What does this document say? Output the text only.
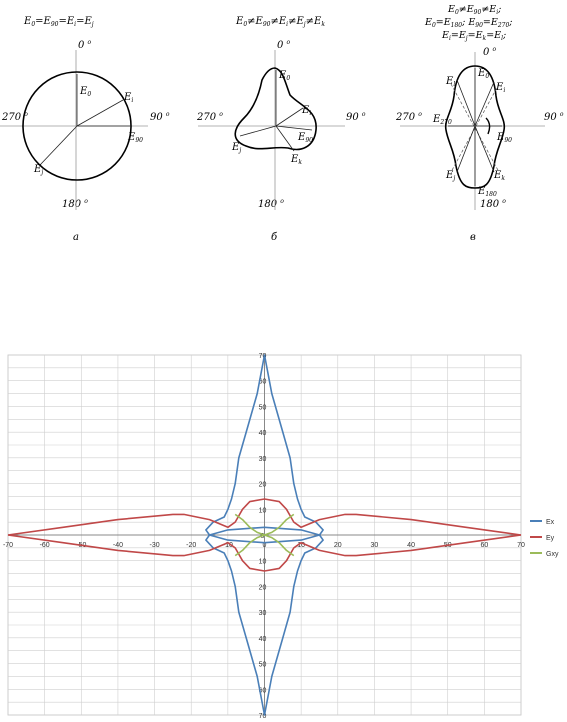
$E_0=E_{90}=E_i=E_j$
0 $^o$
270 $^o$	90 $^o$
180 $^o$
$E_0$	$E_i$
$E_{90}$
$E_j$
а
$E_0\ne E_{90}\ne E_i\ne E_j\ne E_k$
0 $^o$
270 $^o$	90 $^o$
180 $^o$
$E_0$
$E_i$
$E_{90}$
$E_j$
$E_k$
б
$E_0\ne E_{90}\ne E_i$;
$E_0=E_{180}$; $E_{90}=E_{270}$;
$E_i=E_j=E_k=E_l$;
0 $^o$
270 $^o$	90 $^o$
180 $^o$
$E_l$
$E_0$
$E_i$
$E_{270}$
$E_{90}$
$E_j$	$E_k$
$E_{180}$
в
-70	-60	-50	-40	-30	-20	-10	0	10	20	30	40	50	60	70
70
60
50
40
30
20
10
0
10
20
30
40
50
60
70
Ex
Ey
Gxy
